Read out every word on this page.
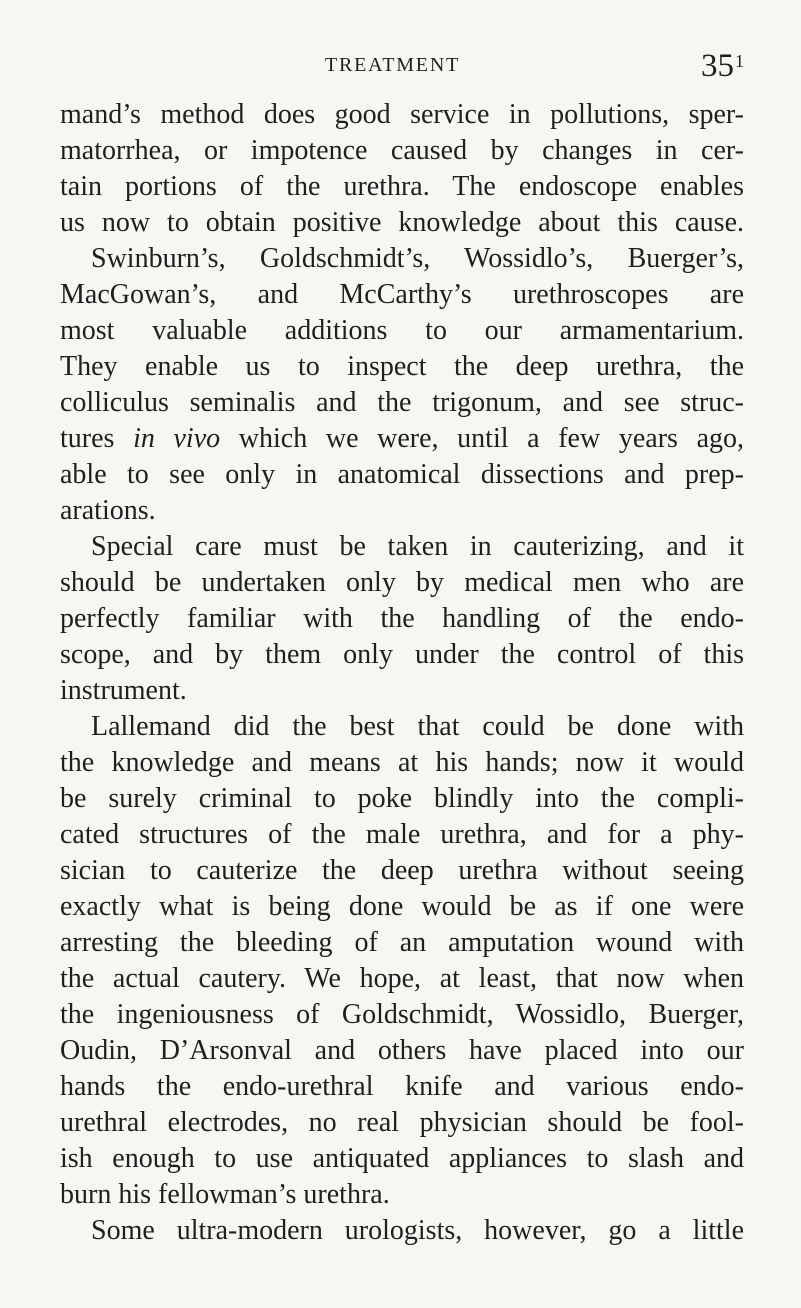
TREATMENT	$35^1$
mand’s method does good service in pollutions, sper-
matorrhea, or impotence caused by changes in cer-
tain portions of the urethra. The endoscope enables
us now to obtain positive knowledge about this cause.
Swinburn’s, Goldschmidt’s, Wossidlo’s, Buerger’s,
MacGowan’s, and McCarthy’s urethroscopes are
most valuable additions to our armamentarium.
They enable us to inspect the deep urethra, the
colliculus seminalis and the trigonum, and see struc-
tures in vivo which we were, until a few years ago,
able to see only in anatomical dissections and prep-
arations.
Special care must be taken in cauterizing, and it
should be undertaken only by medical men who are
perfectly familiar with the handling of the endo-
scope, and by them only under the control of this
instrument.
Lallemand did the best that could be done with
the knowledge and means at his hands; now it would
be surely criminal to poke blindly into the compli-
cated structures of the male urethra, and for a phy-
sician to cauterize the deep urethra without seeing
exactly what is being done would be as if one were
arresting the bleeding of an amputation wound with
the actual cautery. We hope, at least, that now when
the ingeniousness of Goldschmidt, Wossidlo, Buerger,
Oudin, D’Arsonval and others have placed into our
hands the endo-urethral knife and various endo-
urethral electrodes, no real physician should be fool-
ish enough to use antiquated appliances to slash and
burn his fellowman’s urethra.
Some ultra-modern urologists, however, go a little
